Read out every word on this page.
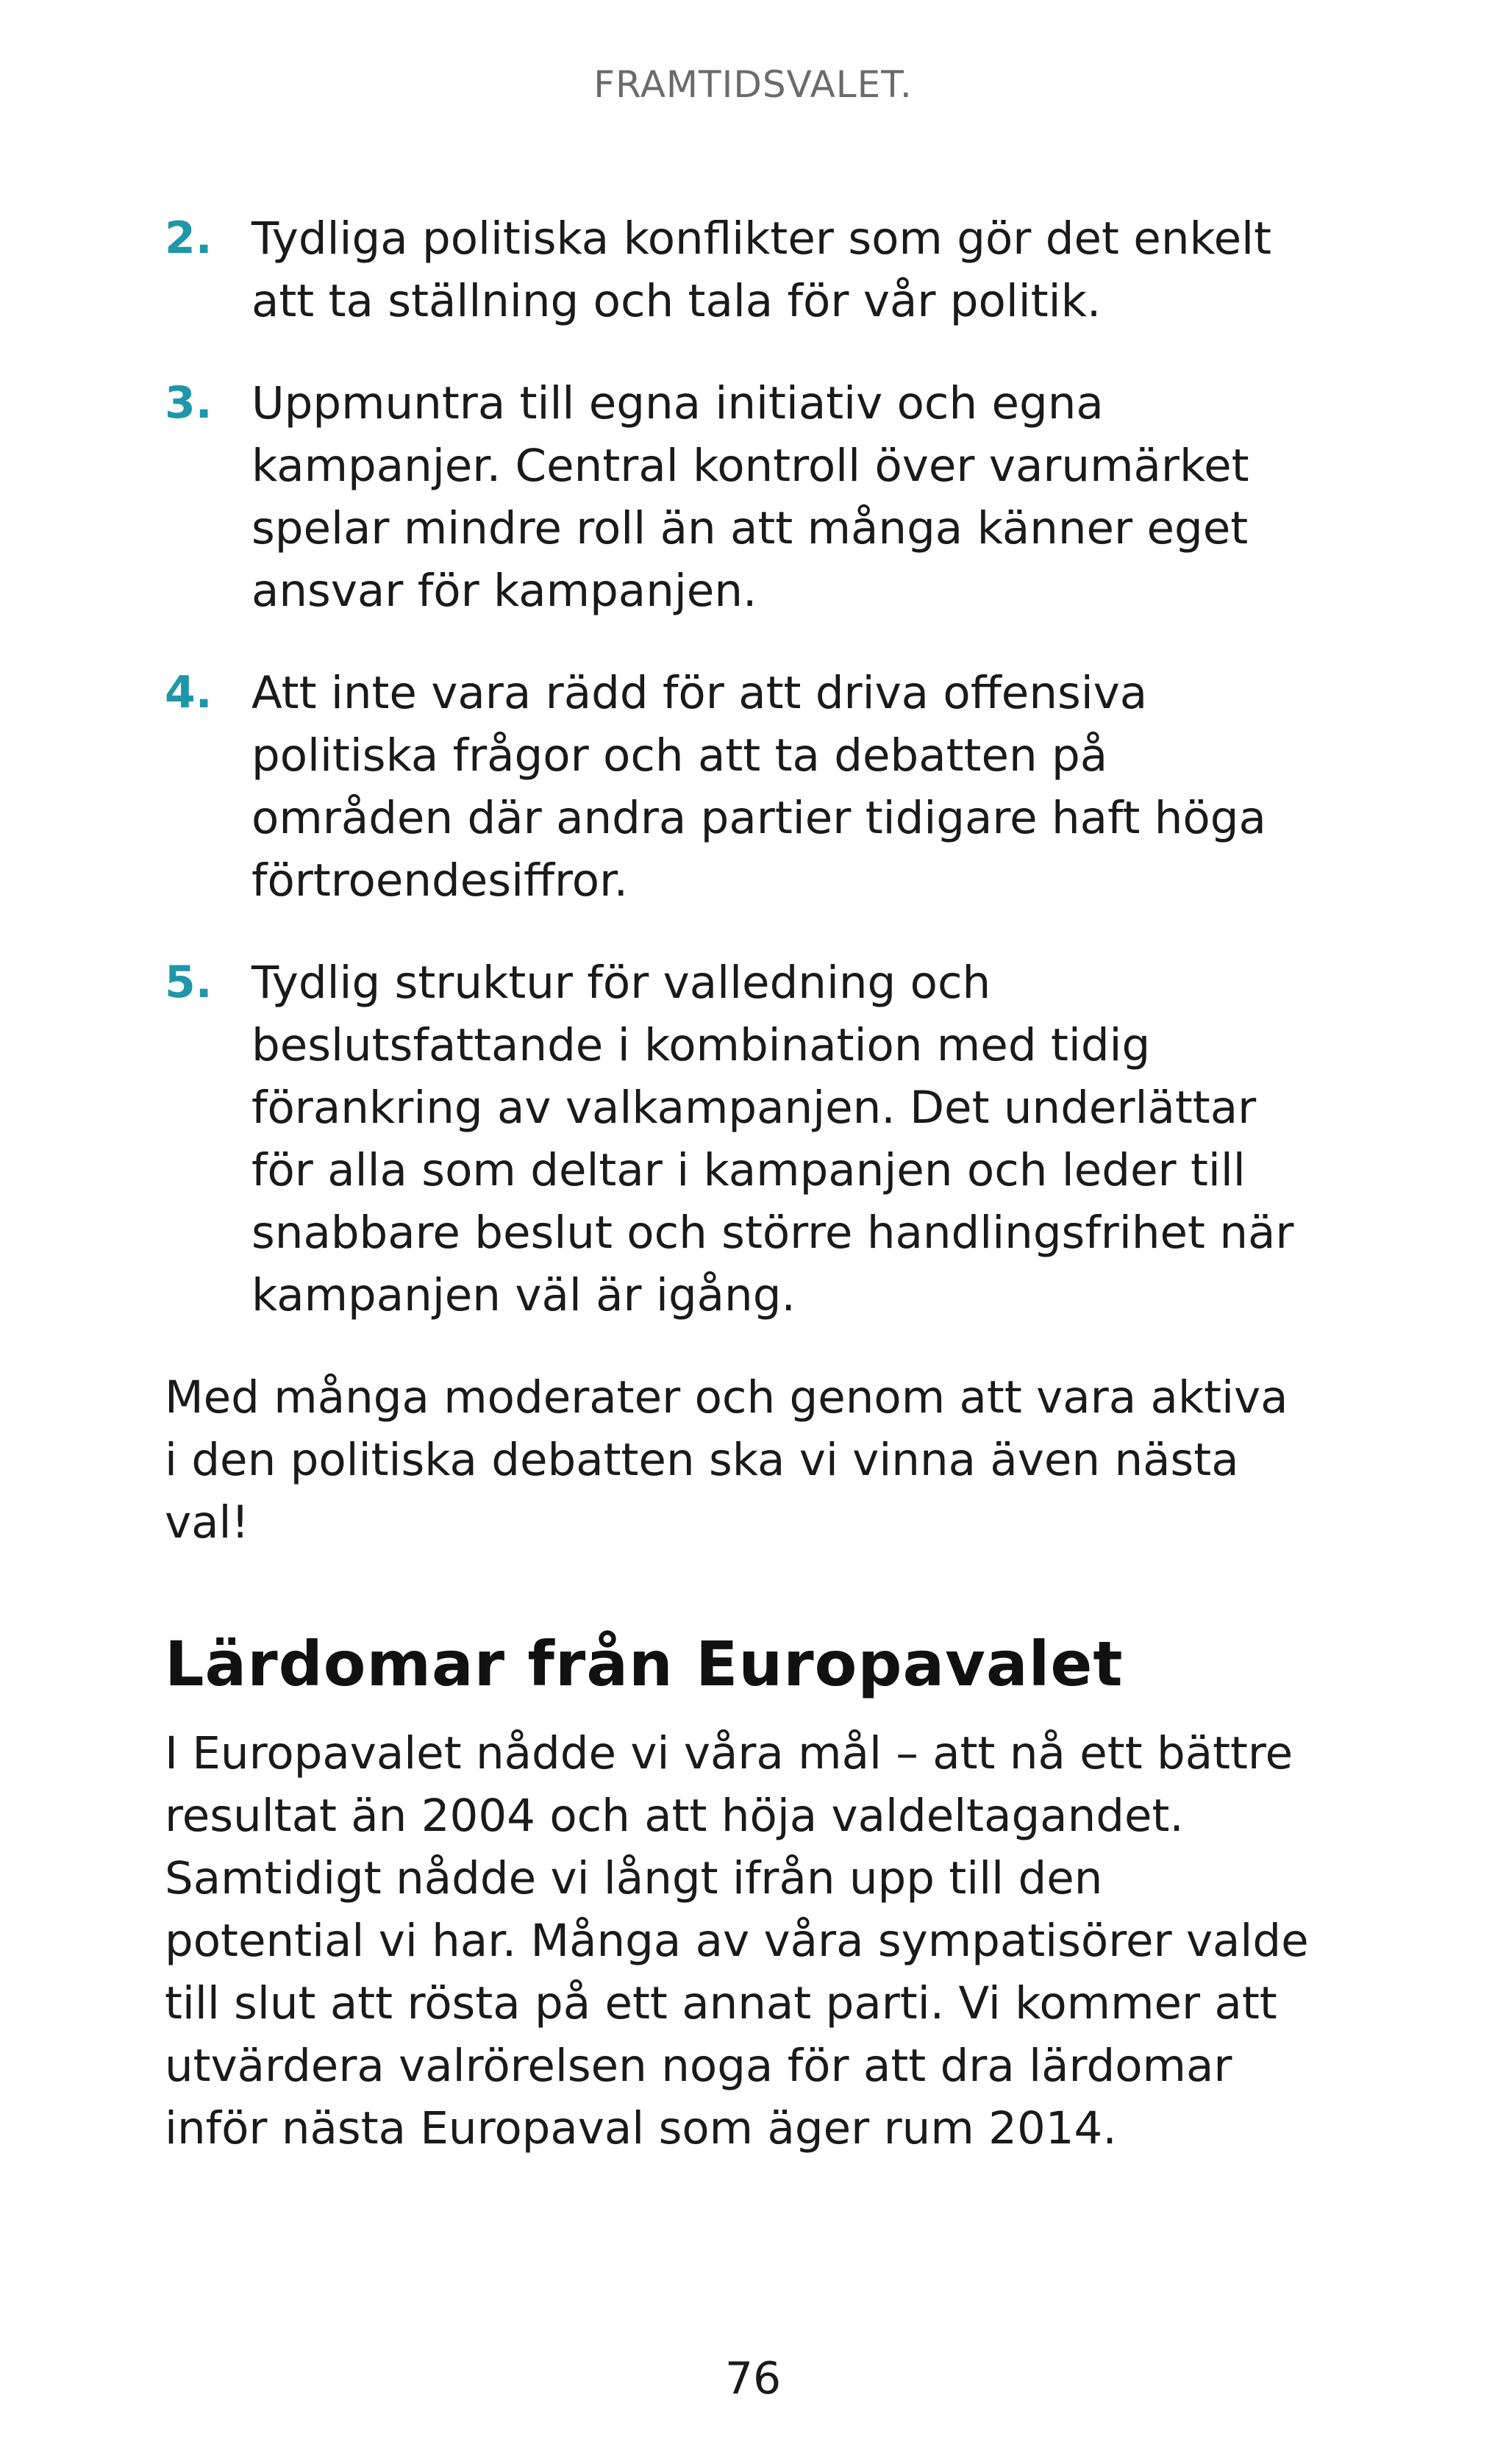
FRAMTIDSVALET.
2. Tydliga politiska konflikter som gör det enkelt att ta ställning och tala för vår politik.

3. Uppmuntra till egna initiativ och egna kampanjer. Central kontroll över varumärket spelar mindre roll än att många känner eget ansvar för kampanjen.

4. Att inte vara rädd för att driva offensiva politiska frågor och att ta debatten på områden där andra partier tidigare haft höga förtroendesiffror.

5. Tydlig struktur för valledning och beslutsfattande i kombination med tidig förankring av valkampanjen. Det underlättar för alla som deltar i kampanjen och leder till snabbare beslut och större handlingsfrihet när kampanjen väl är igång.

Med många moderater och genom att vara aktiva i den politiska debatten ska vi vinna även nästa val!

Lärdomar från Europavalet

I Europavalet nådde vi våra mål – att nå ett bättre resultat än 2004 och att höja valdeltagandet. Samtidigt nådde vi långt ifrån upp till den potential vi har. Många av våra sympatisörer valde till slut att rösta på ett annat parti. Vi kommer att utvärdera valrörelsen noga för att dra lärdomar inför nästa Europaval som äger rum 2014.

76
